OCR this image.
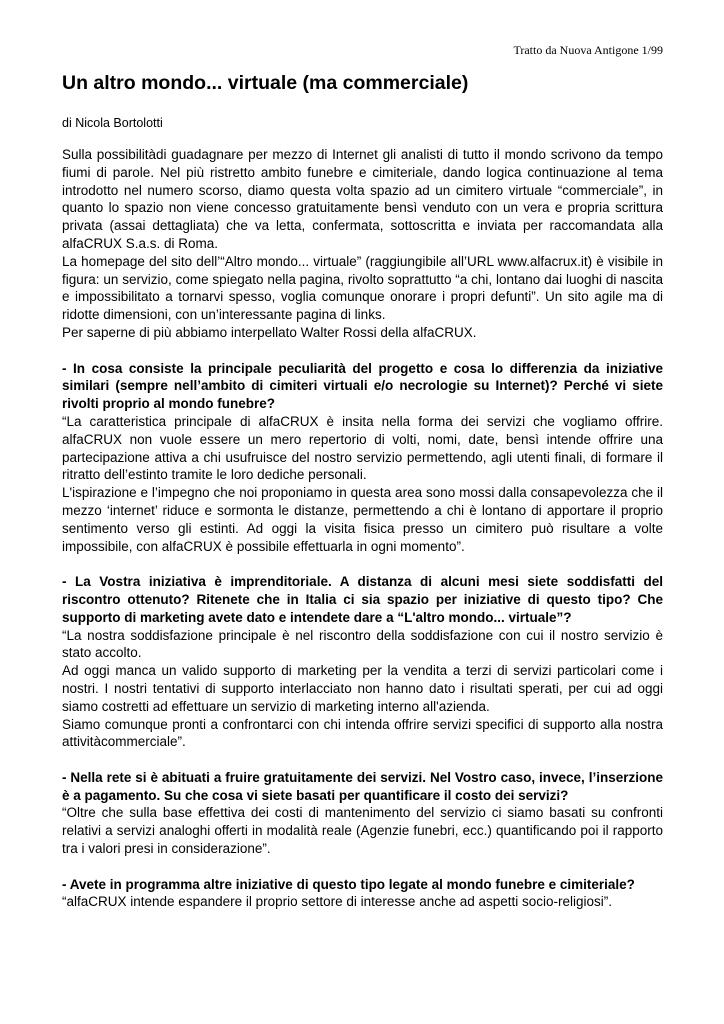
Tratto da Nuova Antigone 1/99
Un altro mondo... virtuale (ma commerciale)
di Nicola Bortolotti

Sulla possibilitàdi guadagnare per mezzo di Internet gli analisti di tutto il mondo scrivono da tempo fiumi di parole. Nel più ristretto ambito funebre e cimiteriale, dando logica continuazione al tema introdotto nel numero scorso, diamo questa volta spazio ad un cimitero virtuale “commerciale”, in quanto lo spazio non viene concesso gratuitamente bensì venduto con un vera e propria scrittura privata (assai dettagliata) che va letta, confermata, sottoscritta e inviata per raccomandata alla alfaCRUX S.a.s. di Roma.

La homepage del sito dell’“Altro mondo... virtuale” (raggiungibile all’URL www.alfacrux.it) è visibile in figura: un servizio, come spiegato nella pagina, rivolto soprattutto “a chi, lontano dai luoghi di nascita e impossibilitato a tornarvi spesso, voglia comunque onorare i propri defunti”. Un sito agile ma di ridotte dimensioni, con un’interessante pagina di links.

Per saperne di più abbiamo interpellato Walter Rossi della alfaCRUX.

- In cosa consiste la principale peculiarità del progetto e cosa lo differenzia da iniziative similari (sempre nell’ambito di cimiteri virtuali e/o necrologie su Internet)? Perché vi siete rivolti proprio al mondo funebre?

“La caratteristica principale di alfaCRUX è insita nella forma dei servizi che vogliamo offrire. alfaCRUX non vuole essere un mero repertorio di volti, nomi, date, bensì intende offrire una partecipazione attiva a chi usufruisce del nostro servizio permettendo, agli utenti finali, di formare il ritratto dell’estinto tramite le loro dediche personali.

L'ispirazione e l’impegno che noi proponiamo in questa area sono mossi dalla consapevolezza che il mezzo ‘internet’ riduce e sormonta le distanze, permettendo a chi è lontano di apportare il proprio sentimento verso gli estinti. Ad oggi la visita fisica presso un cimitero può risultare a volte impossibile, con alfaCRUX è possibile effettuarla in ogni momento”.

- La Vostra iniziativa è imprenditoriale. A distanza di alcuni mesi siete soddisfatti del riscontro ottenuto? Ritenete che in Italia ci sia spazio per iniziative di questo tipo? Che supporto di marketing avete dato e intendete dare a “L'altro mondo... virtuale”?

“La nostra soddisfazione principale è nel riscontro della soddisfazione con cui il nostro servizio è stato accolto.

Ad oggi manca un valido supporto di marketing per la vendita a terzi di servizi particolari come i nostri. I nostri tentativi di supporto interlacciato non hanno dato i risultati sperati, per cui ad oggi siamo costretti ad effettuare un servizio di marketing interno all'azienda.

Siamo comunque pronti a confrontarci con chi intenda offrire servizi specifici di supporto alla nostra attivitàcommerciale”.

- Nella rete si è abituati a fruire gratuitamente dei servizi. Nel Vostro caso, invece, l’inserzione è a pagamento. Su che cosa vi siete basati per quantificare il costo dei servizi?

“Oltre che sulla base effettiva dei costi di mantenimento del servizio ci siamo basati su confronti relativi a servizi analoghi offerti in modalità reale (Agenzie funebri, ecc.) quantificando poi il rapporto tra i valori presi in considerazione”.

- Avete in programma altre iniziative di questo tipo legate al mondo funebre e cimiteriale?

“alfaCRUX intende espandere il proprio settore di interesse anche ad aspetti socio-religiosi”.
